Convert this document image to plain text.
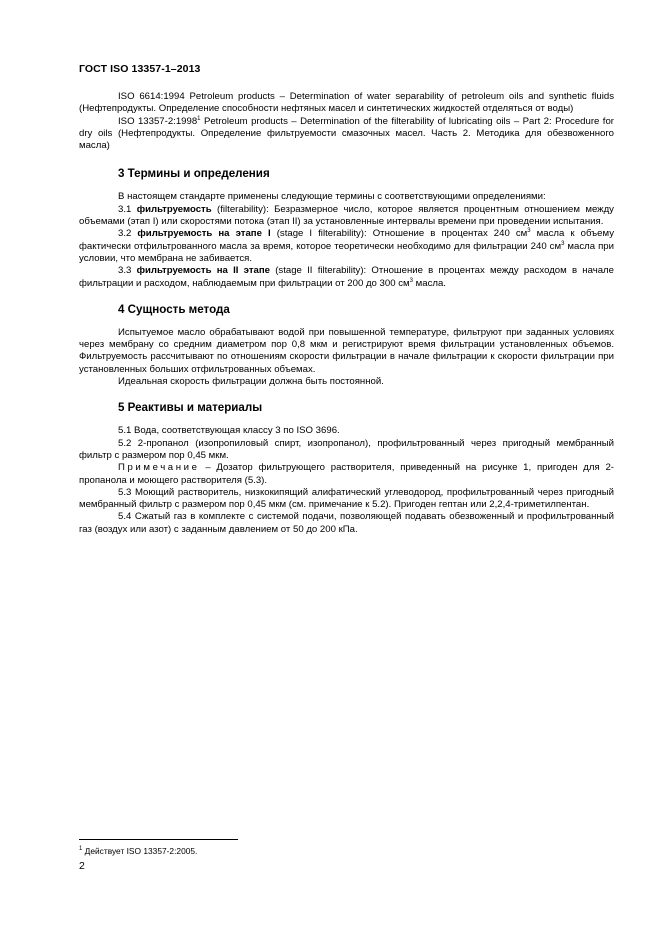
ГОСТ ISO 13357-1–2013

ISO 6614:1994 Petroleum products – Determination of water separability of petroleum oils and synthetic fluids (Нефтепродукты. Определение способности нефтяных масел и синтетических жидкостей отделяться от воды)

ISO 13357-2:1998$^1$ Petroleum products – Determination of the filterability of lubricating oils – Part 2: Procedure for dry oils (Нефтепродукты. Определение фильтруемости смазочных масел. Часть 2. Методика для обезвоженного масла)

3 Термины и определения

В настоящем стандарте применены следующие термины с соответствующими определениями:

3.1 фильтруемость (filterability): Безразмерное число, которое является процентным отношением между объемами (этап I) или скоростями потока (этап II) за установленные интервалы времени при проведении испытания.

3.2 фильтруемость на этапе I (stage I filterability): Отношение в процентах 240 $см^3$ масла к объему фактически отфильтрованного масла за время, которое теоретически необходимо для фильтрации 240 $см^3$ масла при условии, что мембрана не забивается.

3.3 фильтруемость на II этапе (stage II filterability): Отношение в процентах между расходом в начале фильтрации и расходом, наблюдаемым при фильтрации от 200 до 300 $см^3$ масла.

4 Сущность метода

Испытуемое масло обрабатывают водой при повышенной температуре, фильтруют при заданных условиях через мембрану со средним диаметром пор 0,8 мкм и регистрируют время фильтрации установленных объемов. Фильтруемость рассчитывают по отношениям скорости фильтрации в начале фильтрации к скорости фильтрации при установленных больших отфильтрованных объемах.

Идеальная скорость фильтрации должна быть постоянной.

5 Реактивы и материалы

5.1 Вода, соответствующая классу 3 по ISO 3696.

5.2 2-пропанол (изопропиловый спирт, изопропанол), профильтрованный через пригодный мембранный фильтр с размером пор 0,45 мкм.

Примечание – Дозатор фильтрующего растворителя, приведенный на рисунке 1, пригоден для 2-пропанола и моющего растворителя (5.3).

5.3 Моющий растворитель, низкокипящий алифатический углеводород, профильтрованный через пригодный мембранный фильтр с размером пор 0,45 мкм (см. примечание к 5.2). Пригоден гептан или 2,2,4-триметилпентан.

5.4 Сжатый газ в комплекте с системой подачи, позволяющей подавать обезвоженный и профильтрованный газ (воздух или азот) с заданным давлением от 50 до 200 кПа.

$^1$ Действует ISO 13357-2:2005.
2
